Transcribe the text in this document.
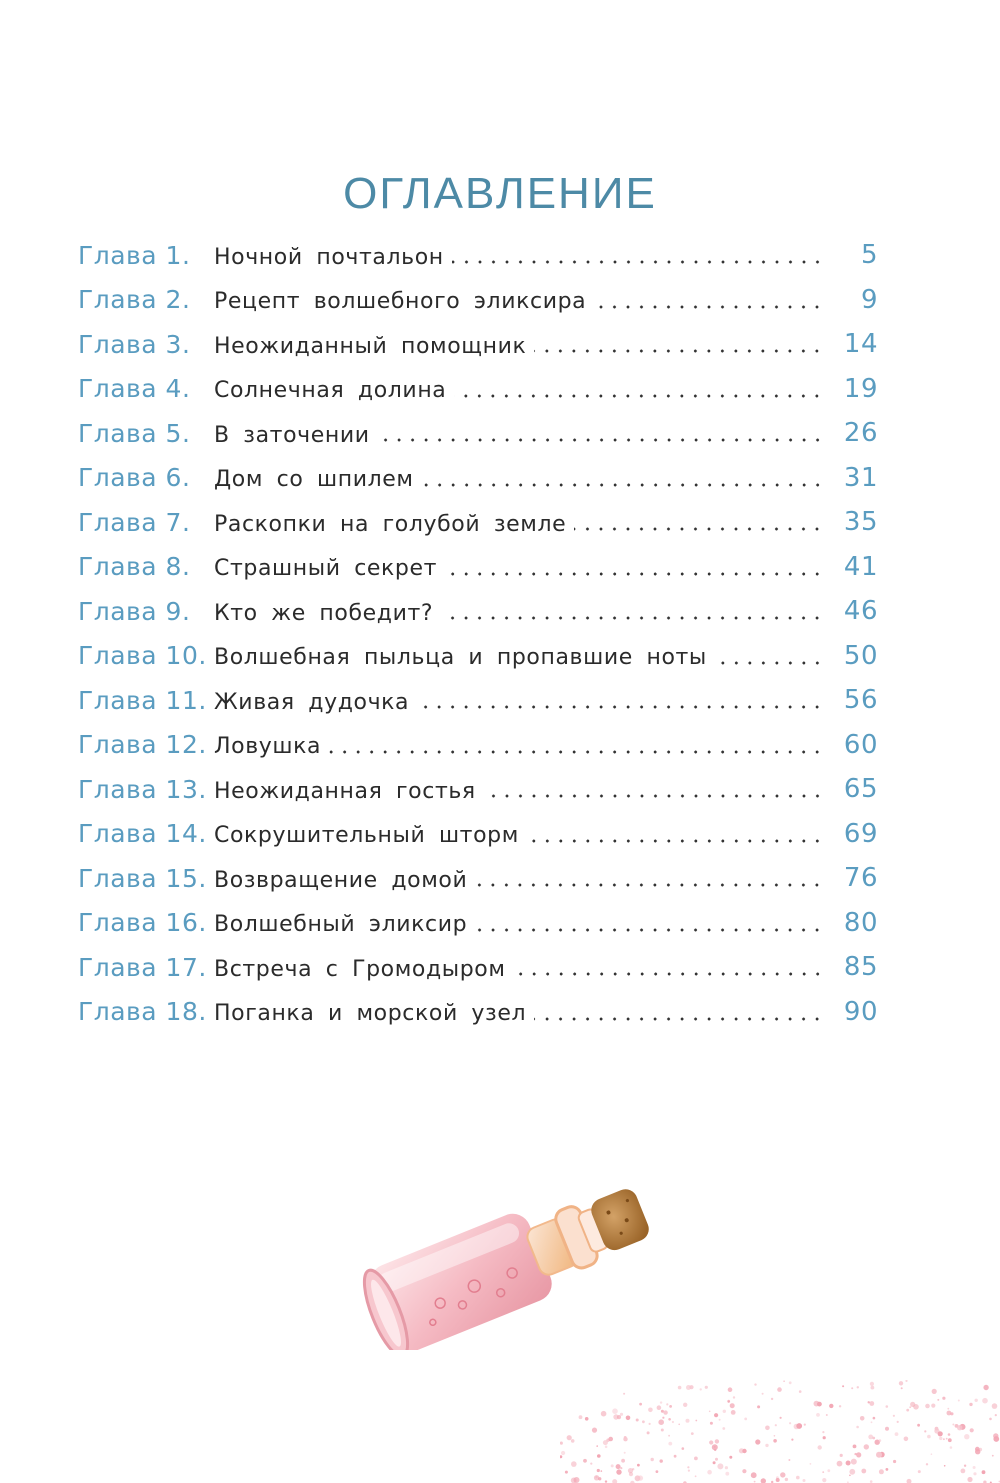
ОГЛАВЛЕНИЕ
Глава 1.	Ночной почтальон	5
Глава 2.	Рецепт волшебного эликсира	9
Глава 3.	Неожиданный помощник	14
Глава 4.	Солнечная долина	19
Глава 5.	В заточении	26
Глава 6.	Дом со шпилем	31
Глава 7.	Раскопки на голубой земле	35
Глава 8.	Страшный секрет	41
Глава 9.	Кто же победит?	46
Глава 10. Волшебная пыльца и пропавшие ноты	50
Глава 11. Живая дудочка	56
Глава 12. Ловушка	60
Глава 13. Неожиданная гостья	65
Глава 14. Сокрушительный шторм	69
Глава 15. Возвращение домой	76
Глава 16. Волшебный эликсир	80
Глава 17. Встреча с Громодыром	85
Глава 18. Поганка и морской узел	90
